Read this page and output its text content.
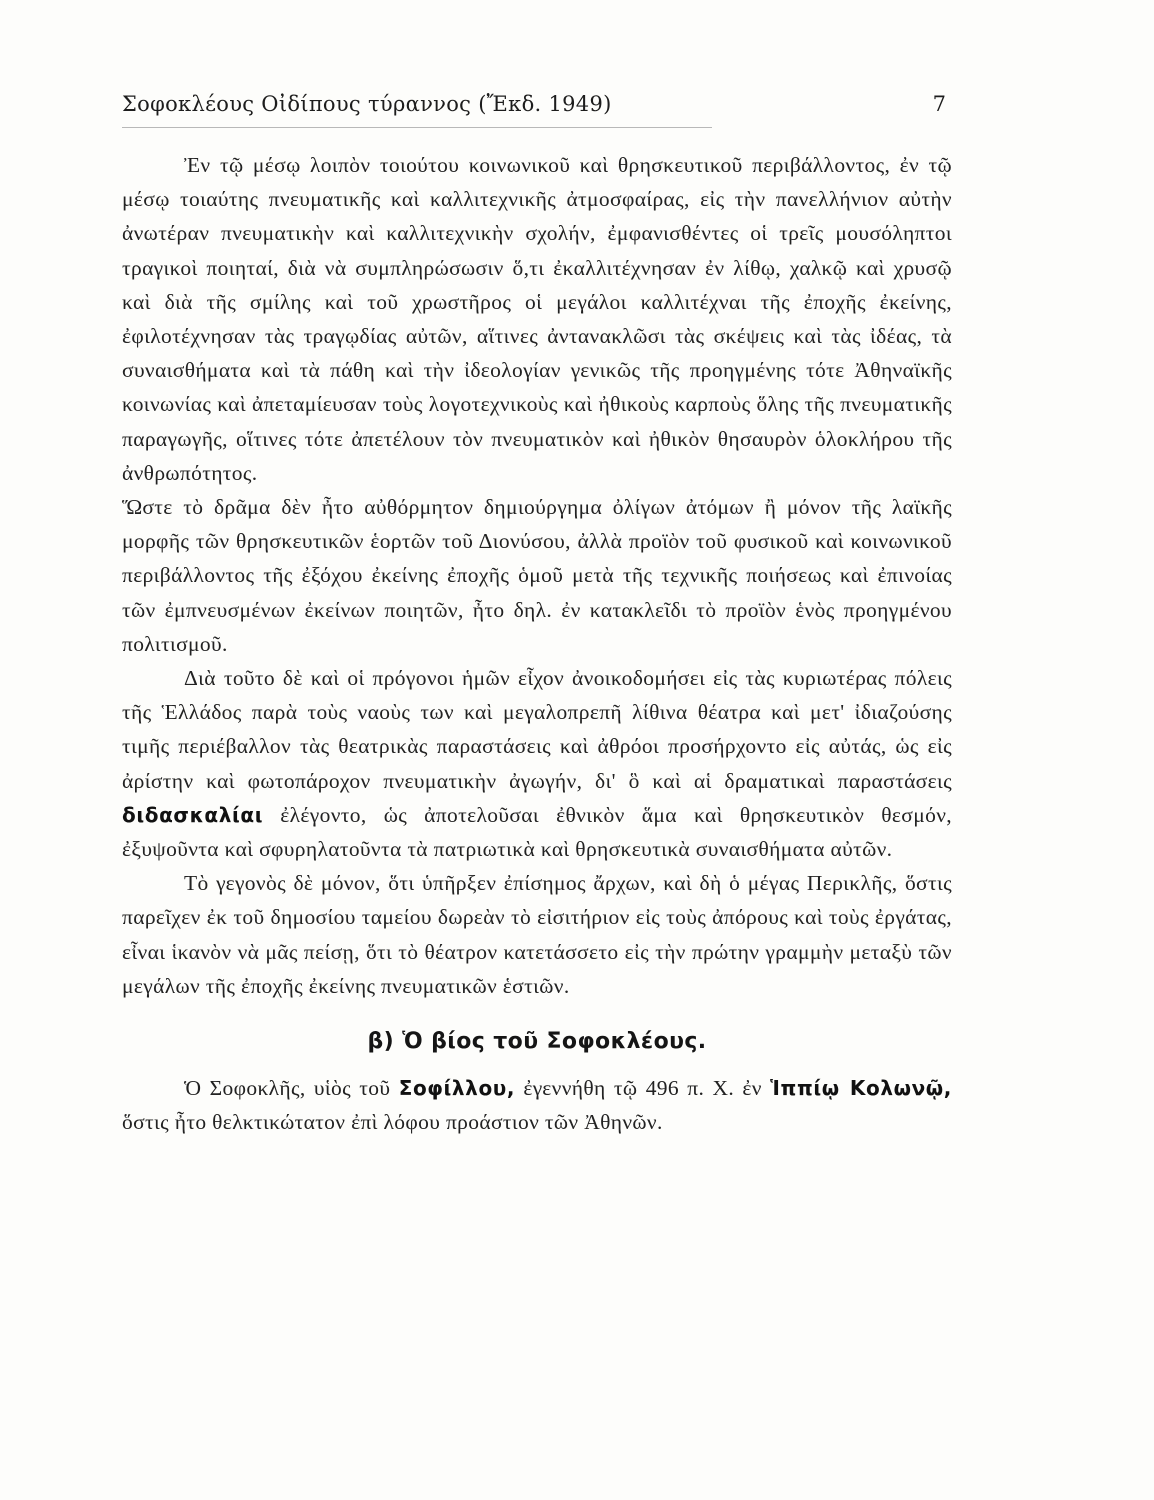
Σοφοκλέους Οἰδίπους τύραννος (Ἔκδ. 1949)	7

Ἐν τῷ μέσῳ λοιπὸν τοιούτου κοινωνικοῦ καὶ θρησκευτικοῦ περιβάλλοντος, ἐν τῷ μέσῳ τοιαύτης πνευματικῆς καὶ καλλιτεχνικῆς ἀτμοσφαίρας, εἰς τὴν πανελλήνιον αὐτὴν ἀνωτέραν πνευματικὴν καὶ καλλιτεχνικὴν σχολήν, ἐμφανισθέντες οἱ τρεῖς μουσόληπτοι τραγικοὶ ποιηταί, διὰ νὰ συμπληρώσωσιν ὅ,τι ἐκαλλιτέχνησαν ἐν λίθῳ, χαλκῷ καὶ χρυσῷ καὶ διὰ τῆς σμίλης καὶ τοῦ χρωστῆρος οἱ μεγάλοι καλλιτέχναι τῆς ἐποχῆς ἐκείνης, ἐφιλοτέχνησαν τὰς τραγῳδίας αὐτῶν, αἵτινες ἀντανακλῶσι τὰς σκέψεις καὶ τὰς ἰδέας, τὰ συναισθήματα καὶ τὰ πάθη καὶ τὴν ἰδεολογίαν γενικῶς τῆς προηγμένης τότε Ἀθηναϊκῆς κοινωνίας καὶ ἀπεταμίευσαν τοὺς λογοτεχνικοὺς καὶ ἠθικοὺς καρποὺς ὅλης τῆς πνευματικῆς παραγωγῆς, οἵτινες τότε ἀπετέλουν τὸν πνευματικὸν καὶ ἠθικὸν θησαυρὸν ὁλοκλήρου τῆς ἀνθρωπότητος.

Ὥστε τὸ δρᾶμα δὲν ἦτο αὐθόρμητον δημιούργημα ὀλίγων ἀτόμων ἢ μόνον τῆς λαϊκῆς μορφῆς τῶν θρησκευτικῶν ἑορτῶν τοῦ Διονύσου, ἀλλὰ προϊὸν τοῦ φυσικοῦ καὶ κοινωνικοῦ περιβάλλοντος τῆς ἐξόχου ἐκείνης ἐποχῆς ὁμοῦ μετὰ τῆς τεχνικῆς ποιήσεως καὶ ἐπινοίας τῶν ἐμπνευσμένων ἐκείνων ποιητῶν, ἦτο δηλ. ἐν κατακλεῖδι τὸ προϊὸν ἑνὸς προηγμένου πολιτισμοῦ.

Διὰ τοῦτο δὲ καὶ οἱ πρόγονοι ἡμῶν εἶχον ἀνοικοδομήσει εἰς τὰς κυριωτέρας πόλεις τῆς Ἑλλάδος παρὰ τοὺς ναοὺς των καὶ μεγαλοπρεπῆ λίθινα θέατρα καὶ μετ' ἰδιαζούσης τιμῆς περιέβαλλον τὰς θεατρικὰς παραστάσεις καὶ ἀθρόοι προσήρχοντο εἰς αὐτάς, ὡς εἰς ἀρίστην καὶ φωτοπάροχον πνευματικὴν ἀγωγήν, δι' ὃ καὶ αἱ δραματικαὶ παραστάσεις διδασκαλίαι ἐλέγοντο, ὡς ἀποτελοῦσαι ἐθνικὸν ἅμα καὶ θρησκευτικὸν θεσμόν, ἐξυψοῦντα καὶ σφυρηλατοῦντα τὰ πατριωτικὰ καὶ θρησκευτικὰ συναισθήματα αὐτῶν.

Τὸ γεγονὸς δὲ μόνον, ὅτι ὑπῆρξεν ἐπίσημος ἄρχων, καὶ δὴ ὁ μέγας Περικλῆς, ὅστις παρεῖχεν ἐκ τοῦ δημοσίου ταμείου δωρεὰν τὸ εἰσιτήριον εἰς τοὺς ἀπόρους καὶ τοὺς ἐργάτας, εἶναι ἱκανὸν νὰ μᾶς πείσῃ, ὅτι τὸ θέατρον κατετάσσετο εἰς τὴν πρώτην γραμμὴν μεταξὺ τῶν μεγάλων τῆς ἐποχῆς ἐκείνης πνευματικῶν ἑστιῶν.

β) Ὁ βίος τοῦ Σοφοκλέους.

Ὁ Σοφοκλῆς, υἱὸς τοῦ Σοφίλλου, ἐγεννήθη τῷ 496 π. Χ. ἐν Ἱππίῳ Κολωνῷ, ὅστις ἦτο θελκτικώτατον ἐπὶ λόφου προάστιον τῶν Ἀθηνῶν.
